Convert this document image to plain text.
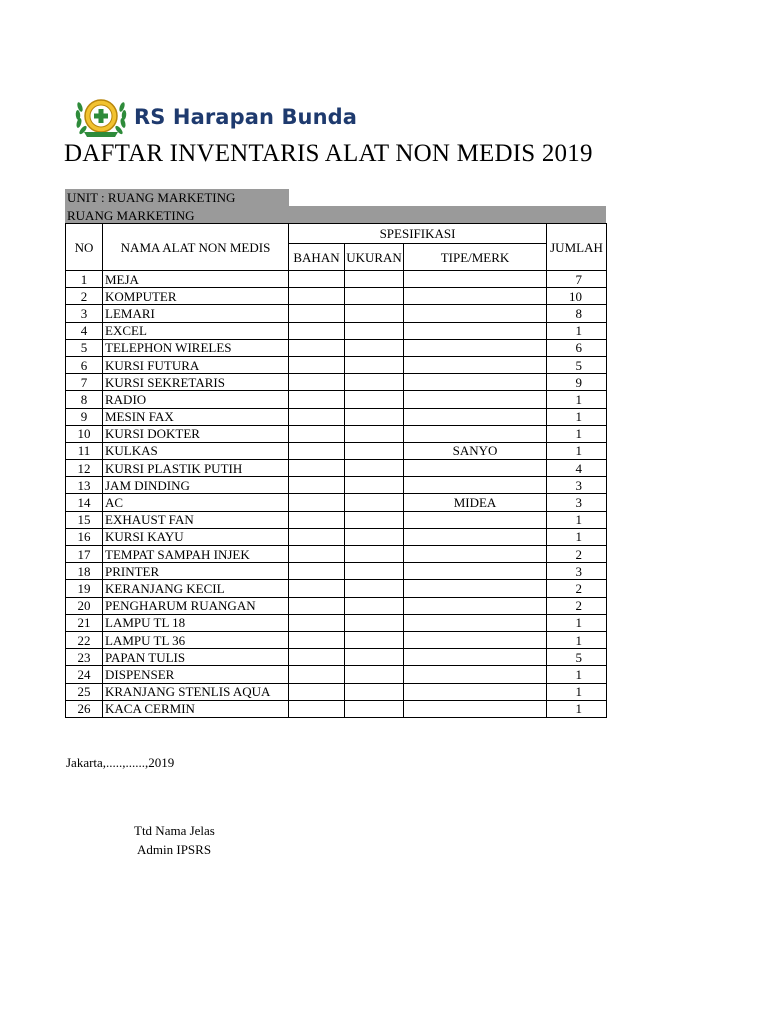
RS Harapan Bunda
DAFTAR INVENTARIS ALAT NON MEDIS 2019
UNIT : RUANG MARKETING
RUANG MARKETING
NO	NAMA ALAT NON MEDIS	SPESIFIKASI			JUMLAH
		BAHAN	UKURAN	TIPE/MERK	
1	MEJA				7
2	KOMPUTER				10
3	LEMARI				8
4	EXCEL				1
5	TELEPHON WIRELES				6
6	KURSI FUTURA				5
7	KURSI SEKRETARIS				9
8	RADIO				1
9	MESIN FAX				1
10	KURSI DOKTER				1
11	KULKAS			SANYO	1
12	KURSI PLASTIK PUTIH				4
13	JAM DINDING				3
14	AC			MIDEA	3
15	EXHAUST FAN				1
16	KURSI KAYU				1
17	TEMPAT SAMPAH INJEK				2
18	PRINTER				3
19	KERANJANG KECIL				2
20	PENGHARUM RUANGAN				2
21	LAMPU TL 18				1
22	LAMPU TL 36				1
23	PAPAN TULIS				5
24	DISPENSER				1
25	KRANJANG STENLIS AQUA				1
26	KACA CERMIN				1
Jakarta,.....,......,2019
Ttd Nama Jelas
Admin IPSRS
